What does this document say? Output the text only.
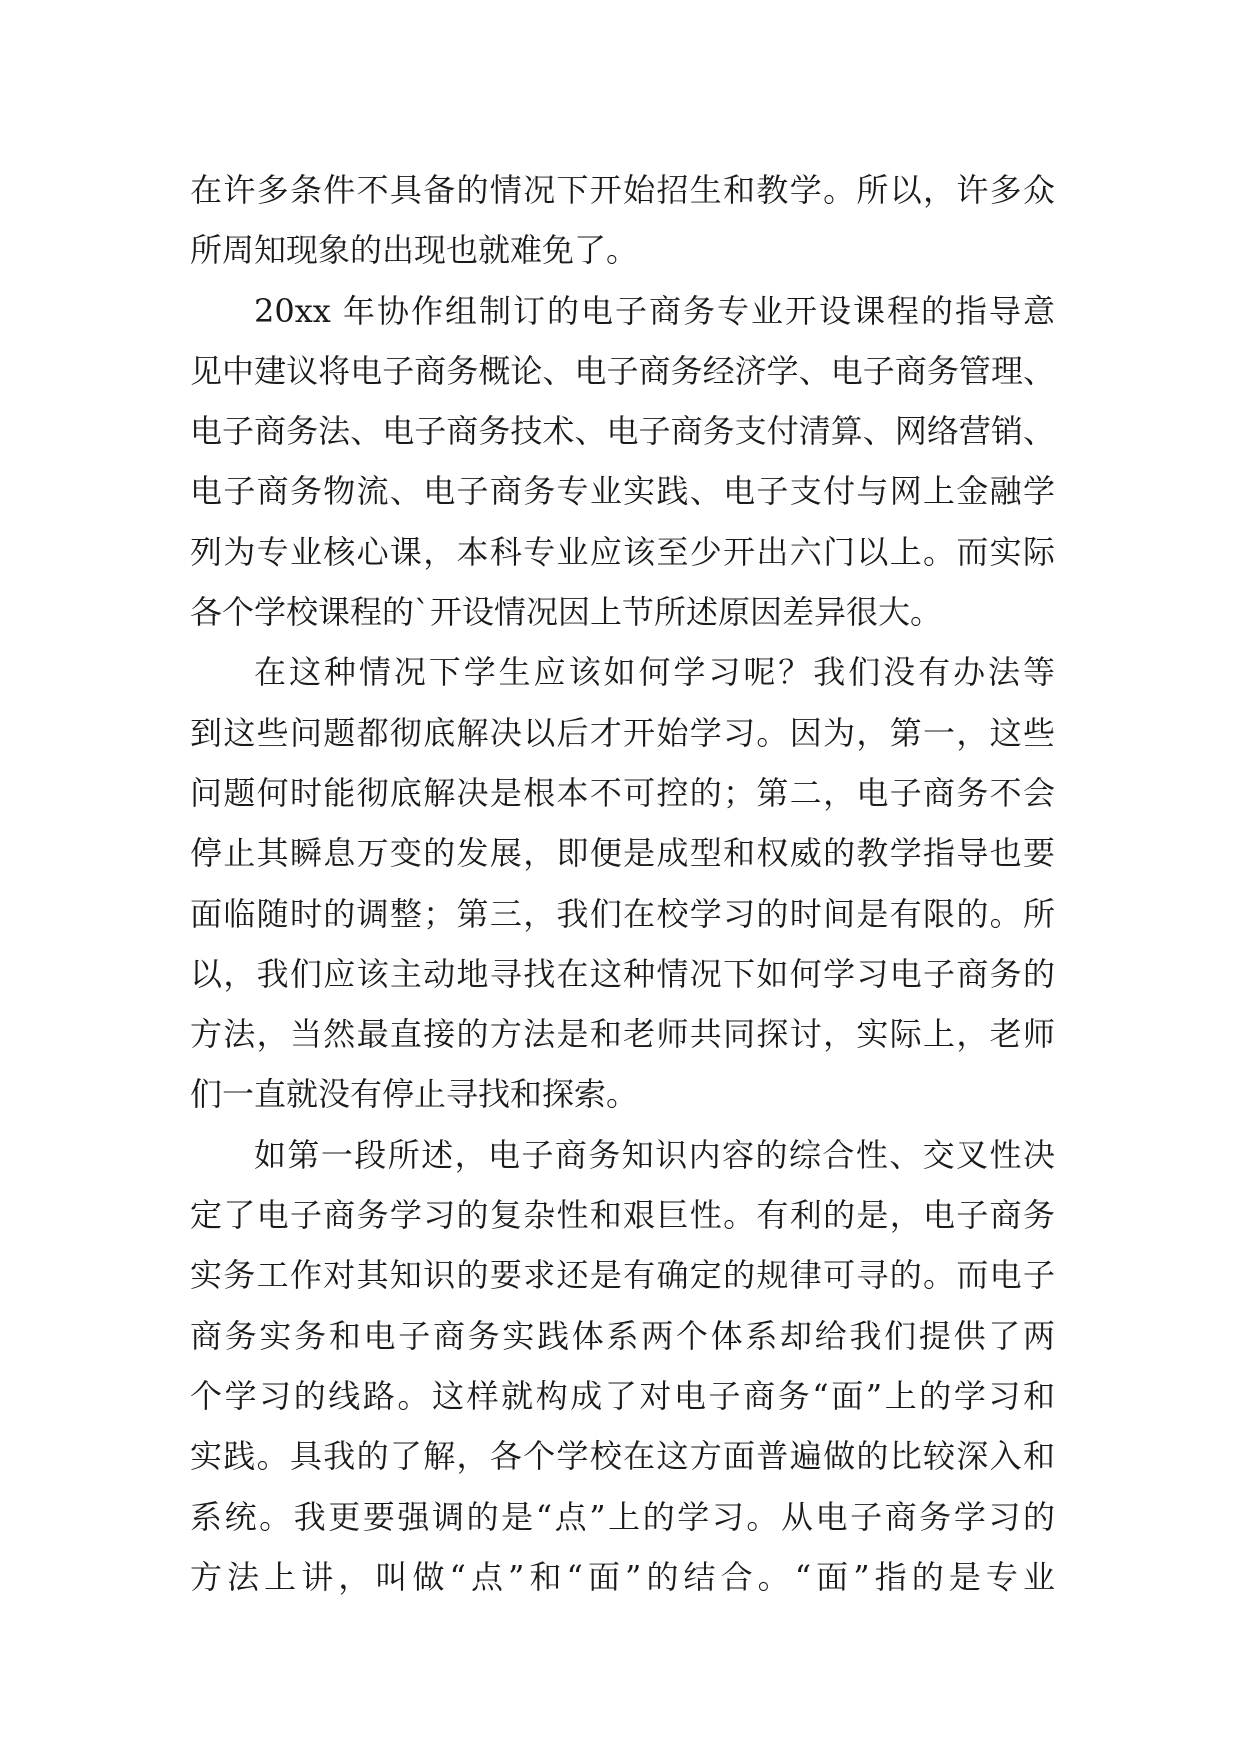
在许多条件不具备的情况下开始招生和教学。所以，许多众
所周知现象的出现也就难免了。
20xx 年协作组制订的电子商务专业开设课程的指导意
见中建议将电子商务概论、电子商务经济学、电子商务管理、
电子商务法、电子商务技术、电子商务支付清算、网络营销、
电子商务物流、电子商务专业实践、电子支付与网上金融学
列为专业核心课，本科专业应该至少开出六门以上。而实际
各个学校课程的`开设情况因上节所述原因差异很大。
在这种情况下学生应该如何学习呢？我们没有办法等
到这些问题都彻底解决以后才开始学习。因为，第一，这些
问题何时能彻底解决是根本不可控的；第二，电子商务不会
停止其瞬息万变的发展，即便是成型和权威的教学指导也要
面临随时的调整；第三，我们在校学习的时间是有限的。所
以，我们应该主动地寻找在这种情况下如何学习电子商务的
方法，当然最直接的方法是和老师共同探讨，实际上，老师
们一直就没有停止寻找和探索。
如第一段所述，电子商务知识内容的综合性、交叉性决
定了电子商务学习的复杂性和艰巨性。有利的是，电子商务
实务工作对其知识的要求还是有确定的规律可寻的。而电子
商务实务和电子商务实践体系两个体系却给我们提供了两
个学习的线路。这样就构成了对电子商务“面”上的学习和
实践。具我的了解，各个学校在这方面普遍做的比较深入和
系统。我更要强调的是“点”上的学习。从电子商务学习的
方法上讲，叫做“点”和“面”的结合。“面”指的是专业
